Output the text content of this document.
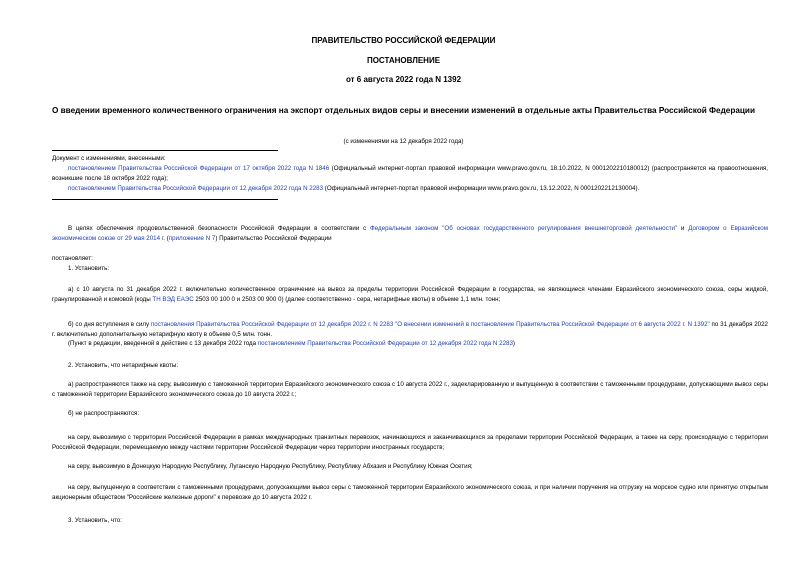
ПРАВИТЕЛЬСТВО РОССИЙСКОЙ ФЕДЕРАЦИИ
ПОСТАНОВЛЕНИЕ
от 6 августа 2022 года N 1392
О введении временного количественного ограничения на экспорт отдельных видов серы и внесении изменений в отдельные акты Правительства Российской Федерации
(с изменениями на 12 декабря 2022 года)
Документ с изменениями, внесенными:
постановлением Правительства Российской Федерации от 17 октября 2022 года N 1846 (Официальный интернет-портал правовой информации www.pravo.gov.ru, 18.10.2022, N 0001202210180012) (распространяется на правоотношения, возникшие после 18 октября 2022 года);
постановлением Правительства Российской Федерации от 12 декабря 2022 года N 2283 (Официальный интернет-портал правовой информации www.pravo.gov.ru, 13.12.2022, N 0001202212130004).
В целях обеспечения продовольственной безопасности Российской Федерации в соответствии с Федеральным законом "Об основах государственного регулирования внешнеторговой деятельности" и Договором о Евразийском экономическом союзе от 29 мая 2014 г. (приложение N 7) Правительство Российской Федерации
постановляет:
1. Установить:
а) с 10 августа по 31 декабря 2022 г. включительно количественное ограничение на вывоз за пределы территории Российской Федерации в государства, не являющиеся членами Евразийского экономического союза, серы жидкой, гранулированной и комовой (коды ТН ВЭД ЕАЭС 2503 00 100 0 и 2503 00 900 0) (далее соответственно - сера, нетарифные квоты) в объеме 1,1 млн. тонн;
б) со дня вступления в силу постановления Правительства Российской Федерации от 12 декабря 2022 г. N 2283 "О внесении изменений в постановление Правительства Российской Федерации от 6 августа 2022 г. N 1392" по 31 декабря 2022 г. включительно дополнительную нетарифную квоту в объеме 0,5 млн. тонн.
(Пункт в редакции, введенной в действие с 13 декабря 2022 года постановлением Правительства Российской Федерации от 12 декабря 2022 года N 2283)
2. Установить, что нетарифные квоты:
а) распространяются также на серу, вывозимую с таможенной территории Евразийского экономического союза с 10 августа 2022 г., задекларированную и выпущенную в соответствии с таможенными процедурами, допускающими вывоз серы с таможенной территории Евразийского экономического союза до 10 августа 2022 г.;
б) не распространяются:
на серу, вывозимую с территории Российской Федерации в рамках международных транзитных перевозок, начинающихся и заканчивающихся за пределами территории Российской Федерации, а также на серу, происходящую с территории Российской Федерации, перемещаемую между частями территории Российской Федерации через территории иностранных государств;
на серу, вывозимую в Донецкую Народную Республику, Луганскую Народную Республику, Республику Абхазия и Республику Южная Осетия;
на серу, выпущенную в соответствии с таможенными процедурами, допускающими вывоз серы с таможенной территории Евразийского экономического союза, и при наличии поручения на отгрузку на морское судно или принятую открытым акционерным обществом "Российские железные дороги" к перевозке до 10 августа 2022 г.
3. Установить, что:
